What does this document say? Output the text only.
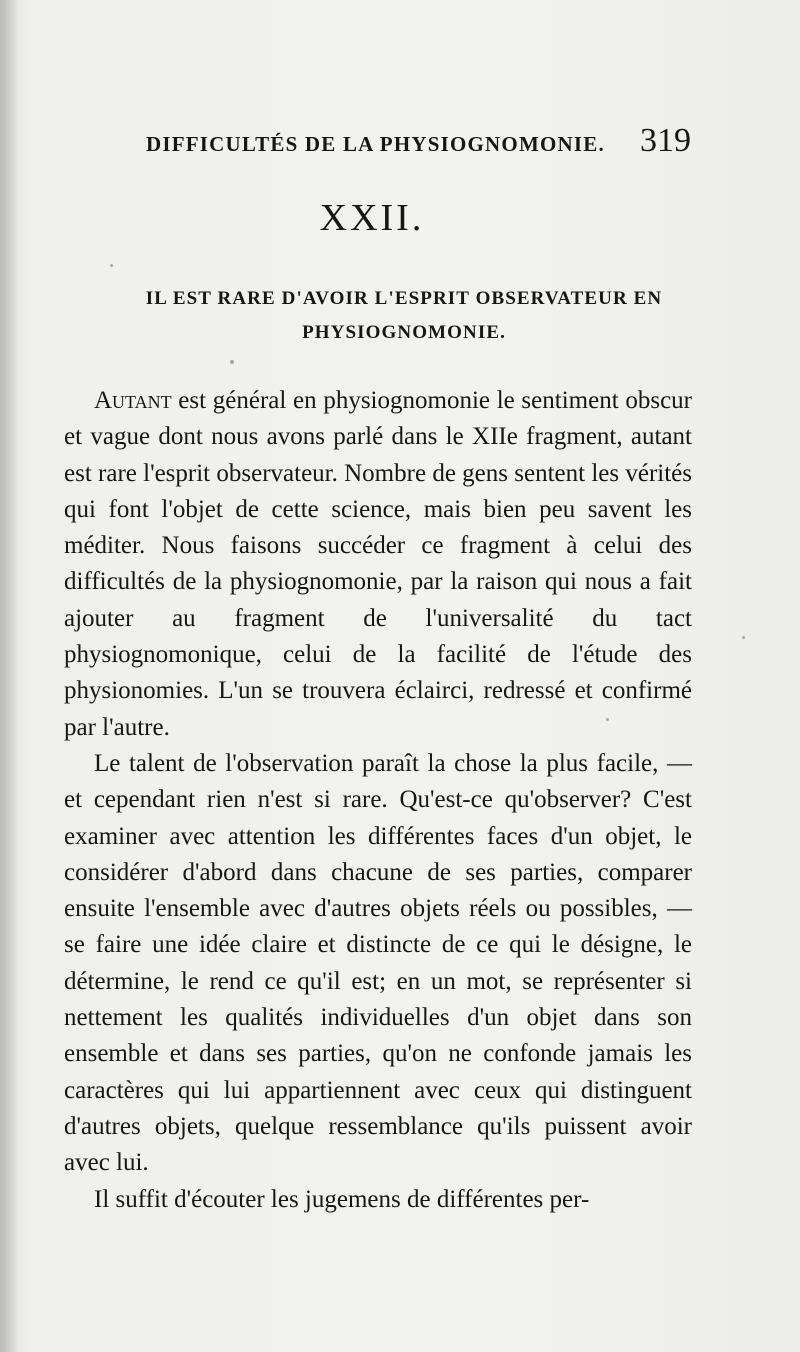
DIFFICULTÉS DE LA PHYSIOGNOMONIE. 319
XXII.
IL EST RARE D'AVOIR L'ESPRIT OBSERVATEUR EN PHYSIOGNOMONIE.

Autant est général en physiognomonie le sentiment obscur et vague dont nous avons parlé dans le XIIe fragment, autant est rare l'esprit observateur. Nombre de gens sentent les vérités qui font l'objet de cette science, mais bien peu savent les méditer. Nous faisons succéder ce fragment à celui des difficultés de la physiognomonie, par la raison qui nous a fait ajouter au fragment de l'universalité du tact physiognomonique, celui de la facilité de l'étude des physionomies. L'un se trouvera éclairci, redressé et confirmé par l'autre.

Le talent de l'observation paraît la chose la plus facile, — et cependant rien n'est si rare. Qu'est-ce qu'observer? C'est examiner avec attention les différentes faces d'un objet, le considérer d'abord dans chacune de ses parties, comparer ensuite l'ensemble avec d'autres objets réels ou possibles, — se faire une idée claire et distincte de ce qui le désigne, le détermine, le rend ce qu'il est; en un mot, se représenter si nettement les qualités individuelles d'un objet dans son ensemble et dans ses parties, qu'on ne confonde jamais les caractères qui lui appartiennent avec ceux qui distinguent d'autres objets, quelque ressemblance qu'ils puissent avoir avec lui.

Il suffit d'écouter les jugemens de différentes per-
